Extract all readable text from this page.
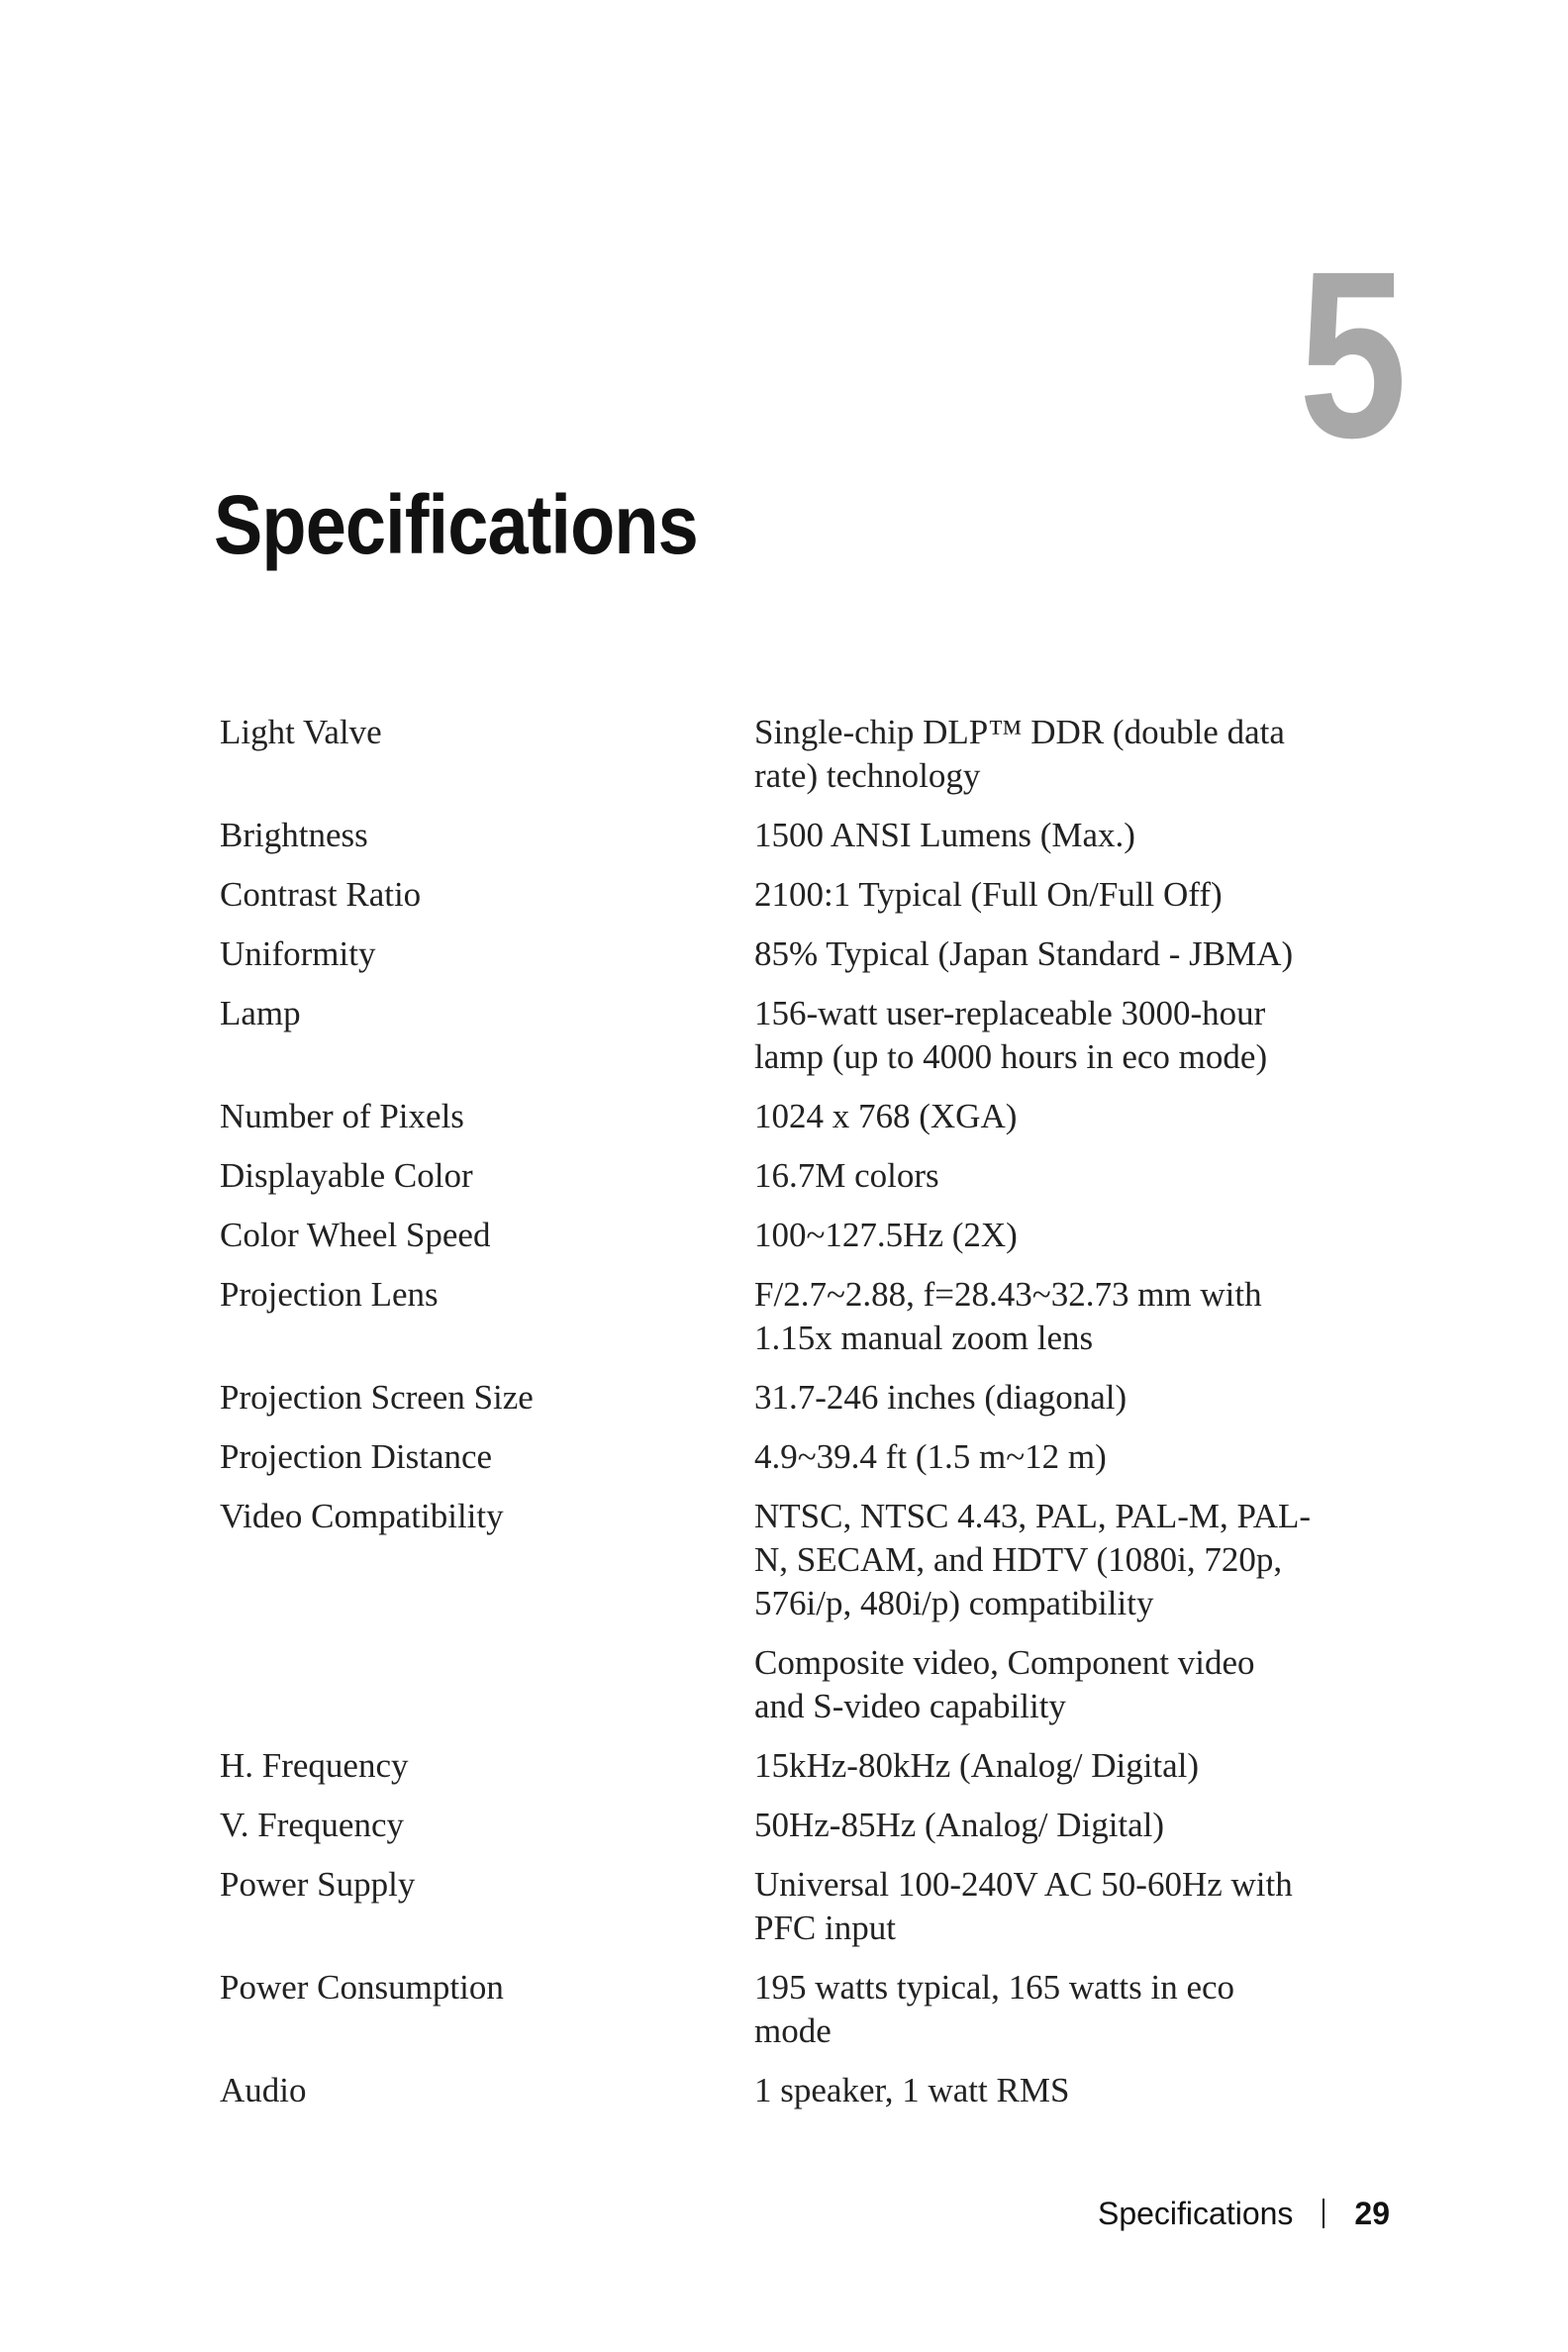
5
Specifications
Light Valve	Single-chip DLP™ DDR (double data
rate) technology

Brightness	1500 ANSI Lumens (Max.)

Contrast Ratio	2100:1 Typical (Full On/Full Off)

Uniformity	85% Typical (Japan Standard - JBMA)

Lamp	156-watt user-replaceable 3000-hour
lamp (up to 4000 hours in eco mode)

Number of Pixels	1024 x 768 (XGA)

Displayable Color	16.7M colors

Color Wheel Speed	100~127.5Hz (2X)

Projection Lens	F/2.7~2.88, f=28.43~32.73 mm with
1.15x manual zoom lens

Projection Screen Size	31.7-246 inches (diagonal)

Projection Distance	4.9~39.4 ft (1.5 m~12 m)

Video Compatibility	NTSC, NTSC 4.43, PAL, PAL-M, PAL-
N, SECAM, and HDTV (1080i, 720p,
576i/p, 480i/p) compatibility
Composite video, Component video
and S-video capability

H. Frequency	15kHz-80kHz (Analog/ Digital)

V. Frequency	50Hz-85Hz (Analog/ Digital)

Power Supply	Universal 100-240V AC 50-60Hz with
PFC input

Power Consumption	195 watts typical, 165 watts in eco
mode

Audio	1 speaker, 1 watt RMS
Specifications 29
